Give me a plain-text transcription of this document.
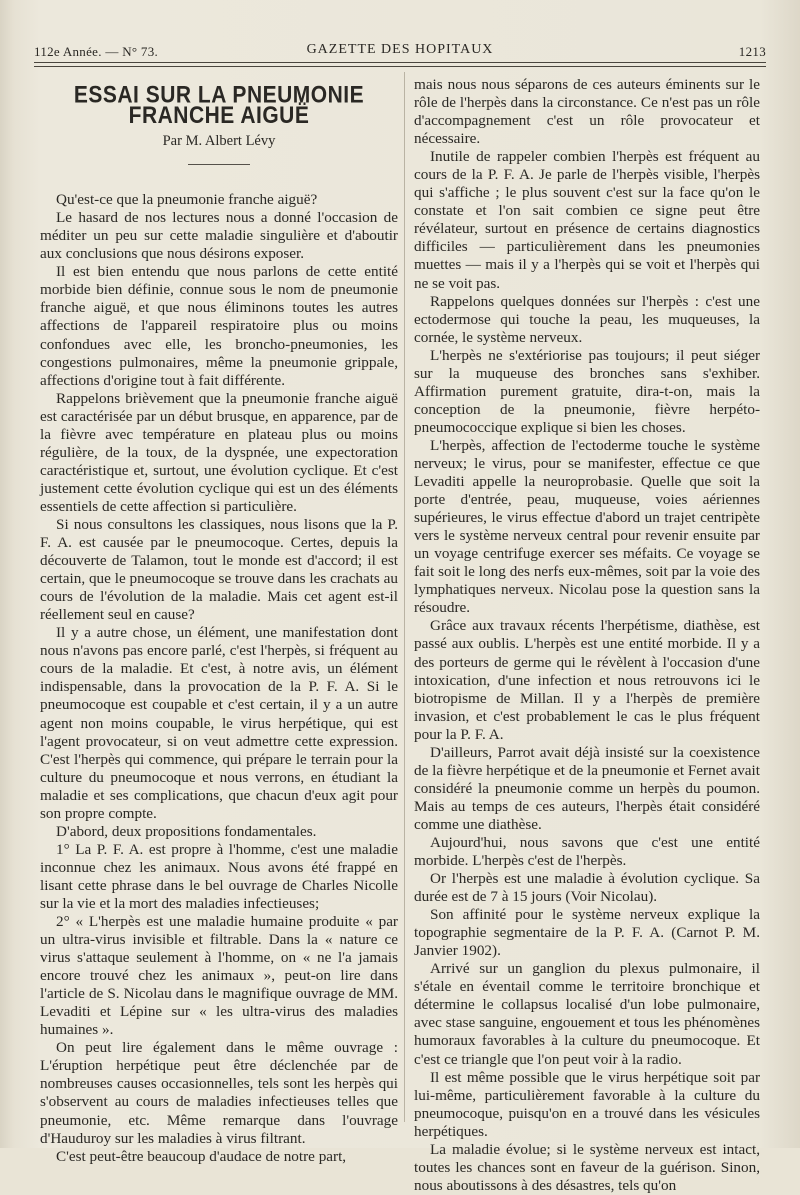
112e Année. — N° 73.	GAZETTE DES HOPITAUX	1213
ESSAI SUR LA PNEUMONIE FRANCHE AIGUË
Par M. Albert Lévy

Qu'est-ce que la pneumonie franche aiguë?

Le hasard de nos lectures nous a donné l'occasion de méditer un peu sur cette maladie singulière et d'aboutir aux conclusions que nous désirons exposer.

Il est bien entendu que nous parlons de cette entité morbide bien définie, connue sous le nom de pneumonie franche aiguë, et que nous éliminons toutes les autres affections de l'appareil respiratoire plus ou moins confondues avec elle, les broncho-pneumonies, les congestions pulmonaires, même la pneumonie grippale, affections d'origine tout à fait différente.

Rappelons brièvement que la pneumonie franche aiguë est caractérisée par un début brusque, en apparence, par de la fièvre avec température en plateau plus ou moins régulière, de la toux, de la dyspnée, une expectoration caractéristique et, surtout, une évolution cyclique. Et c'est justement cette évolution cyclique qui est un des éléments essentiels de cette affection si particulière.

Si nous consultons les classiques, nous lisons que la P. F. A. est causée par le pneumocoque. Certes, depuis la découverte de Talamon, tout le monde est d'accord; il est certain, que le pneumocoque se trouve dans les crachats au cours de l'évolution de la maladie. Mais cet agent est-il réellement seul en cause?

Il y a autre chose, un élément, une manifestation dont nous n'avons pas encore parlé, c'est l'herpès, si fréquent au cours de la maladie. Et c'est, à notre avis, un élément indispensable, dans la provocation de la P. F. A. Si le pneumocoque est coupable et c'est certain, il y a un autre agent non moins coupable, le virus herpétique, qui est l'agent provocateur, si on veut admettre cette expression. C'est l'herpès qui commence, qui prépare le terrain pour la culture du pneumocoque et nous verrons, en étudiant la maladie et ses complications, que chacun d'eux agit pour son propre compte.

D'abord, deux propositions fondamentales.

1° La P. F. A. est propre à l'homme, c'est une maladie inconnue chez les animaux. Nous avons été frappé en lisant cette phrase dans le bel ouvrage de Charles Nicolle sur la vie et la mort des maladies infectieuses;

2° « L'herpès est une maladie humaine produite « par un ultra-virus invisible et filtrable. Dans la « nature ce virus s'attaque seulement à l'homme, on « ne l'a jamais encore trouvé chez les animaux », peut-on lire dans l'article de S. Nicolau dans le magnifique ouvrage de MM. Levaditi et Lépine sur « les ultra-virus des maladies humaines ».

On peut lire également dans le même ouvrage : L'éruption herpétique peut être déclenchée par de nombreuses causes occasionnelles, tels sont les herpès qui s'observent au cours de maladies infectieuses telles que pneumonie, etc. Même remarque dans l'ouvrage d'Hauduroy sur les maladies à virus filtrant.

C'est peut-être beaucoup d'audace de notre part,

mais nous nous séparons de ces auteurs éminents sur le rôle de l'herpès dans la circonstance. Ce n'est pas un rôle d'accompagnement c'est un rôle provocateur et nécessaire.

Inutile de rappeler combien l'herpès est fréquent au cours de la P. F. A. Je parle de l'herpès visible, l'herpès qui s'affiche ; le plus souvent c'est sur la face qu'on le constate et l'on sait combien ce signe peut être révélateur, surtout en présence de certains diagnostics difficiles — particulièrement dans les pneumonies muettes — mais il y a l'herpès qui se voit et l'herpès qui ne se voit pas.

Rappelons quelques données sur l'herpès : c'est une ectodermose qui touche la peau, les muqueuses, la cornée, le système nerveux.

L'herpès ne s'extériorise pas toujours; il peut siéger sur la muqueuse des bronches sans s'exhiber. Affirmation purement gratuite, dira-t-on, mais la conception de la pneumonie, fièvre herpéto-pneumococcique explique si bien les choses.

L'herpès, affection de l'ectoderme touche le système nerveux; le virus, pour se manifester, effectue ce que Levaditi appelle la neuroprobasie. Quelle que soit la porte d'entrée, peau, muqueuse, voies aériennes supérieures, le virus effectue d'abord un trajet centripète vers le système nerveux central pour revenir ensuite par un voyage centrifuge exercer ses méfaits. Ce voyage se fait soit le long des nerfs eux-mêmes, soit par la voie des lymphatiques nerveux. Nicolau pose la question sans la résoudre.

Grâce aux travaux récents l'herpétisme, diathèse, est passé aux oublis. L'herpès est une entité morbide. Il y a des porteurs de germe qui le révèlent à l'occasion d'une intoxication, d'une infection et nous retrouvons ici le biotropisme de Millan. Il y a l'herpès de première invasion, et c'est probablement le cas le plus fréquent pour la P. F. A.

D'ailleurs, Parrot avait déjà insisté sur la coexistence de la fièvre herpétique et de la pneumonie et Fernet avait considéré la pneumonie comme un herpès du poumon. Mais au temps de ces auteurs, l'herpès était considéré comme une diathèse.

Aujourd'hui, nous savons que c'est une entité morbide. L'herpès c'est de l'herpès.

Or l'herpès est une maladie à évolution cyclique. Sa durée est de 7 à 15 jours (Voir Nicolau).

Son affinité pour le système nerveux explique la topographie segmentaire de la P. F. A. (Carnot P. M. Janvier 1902).

Arrivé sur un ganglion du plexus pulmonaire, il s'étale en éventail comme le territoire bronchique et détermine le collapsus localisé d'un lobe pulmonaire, avec stase sanguine, engouement et tous les phénomènes humoraux favorables à la culture du pneumocoque. Et c'est ce triangle que l'on peut voir à la radio.

Il est même possible que le virus herpétique soit par lui-même, particulièrement favorable à la culture du pneumocoque, puisqu'on en a trouvé dans les vésicules herpétiques.

La maladie évolue; si le système nerveux est intact, toutes les chances sont en faveur de la guérison. Sinon, nous aboutissons à des désastres, tels qu'on
